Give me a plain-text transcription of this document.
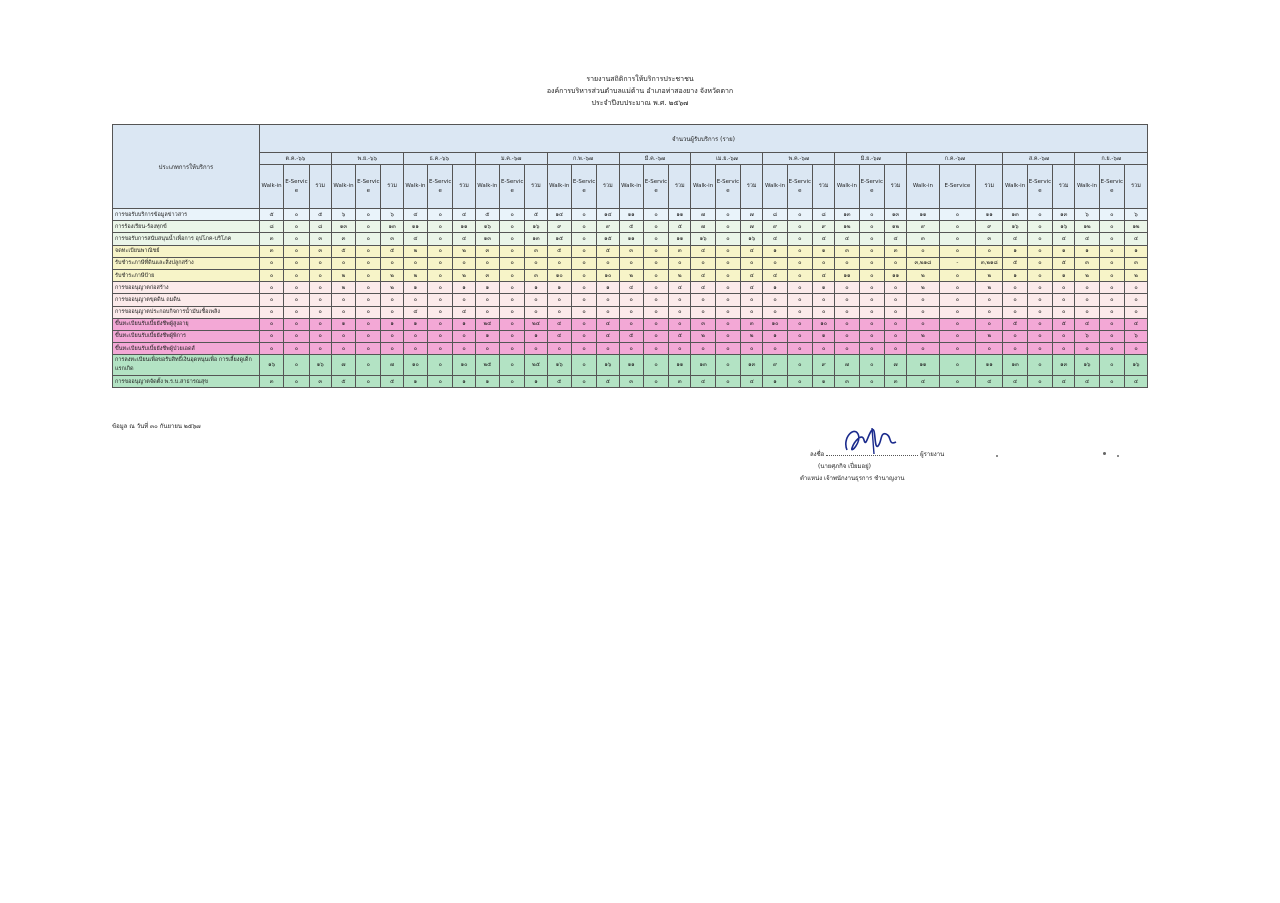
รายงานสถิติการให้บริการประชาชน
องค์การบริหารส่วนตำบลแม่ต้าน อำเภอท่าสองยาง จังหวัดตาก
ประจำปีงบประมาณ พ.ศ. ๒๕๖๗
ประเภทการให้บริการ	จำนวนผู้รับบริการ (ราย)																																			
	ต.ค.-๖๖			พ.ย.-๖๖			ธ.ค.-๖๖			ม.ค.-๖๗			ก.พ.-๖๗			มี.ค.-๖๗			เม.ย.-๖๗			พ.ค.-๖๗			มิ.ย.-๖๗			ก.ค.-๖๗			ส.ค.-๖๗			ก.ย.-๖๗		
	Walk-in	E-Servic e	รวม	Walk-in	E-Servic e	รวม	Walk-in	E-Servic e	รวม	Walk-in	E-Servic e	รวม	Walk-in	E-Servic e	รวม	Walk-in	E-Servic e	รวม	Walk-in	E-Servic e	รวม	Walk-in	E-Servic e	รวม	Walk-in	E-Servic e	รวม	Walk-in	E-Service	รวม	Walk-in	E-Servic e	รวม	Walk-in	E-Servic e	รวม
การขอรับบริการข้อมูลข่าวสาร	๕	๐	๕	๖	๐	๖	๔	๐	๔	๕	๐	๕	๑๔	๐	๑๔	๑๑	๐	๑๑	๗	๐	๗	๘	๐	๘	๑๓	๐	๑๓	๑๑	๐	๑๑	๑๓	๐	๑๓	๖	๐	๖
การร้องเรียน-ร้องทุกข์	๘	๐	๘	๑๓	๐	๑๓	๑๑	๐	๑๑	๑๖	๐	๑๖	๙	๐	๙	๕	๐	๕	๗	๐	๗	๙	๐	๙	๑๒	๐	๑๒	๙	๐	๙	๑๖	๐	๑๖	๑๒	๐	๑๒
การขอรับการสนับสนุนน้ำเพื่อการ อุปโภค-บริโภค	๓	๐	๓	๓	๐	๓	๔	๐	๔	๑๓	๐	๑๓	๑๕	๐	๑๕	๑๑	๐	๑๑	๑๖	๐	๑๖	๔	๐	๔	๔	๐	๔	๓	๐	๓	๔	๐	๔	๔	๐	๔
จดทะเบียนพาณิชย์	๓	๐	๓	๕	๐	๕	๒	๐	๒	๓	๐	๓	๕	๐	๕	๓	๐	๓	๔	๐	๔	๑	๐	๑	๓	๐	๓	๐	๐	๐	๑	๐	๑	๑	๐	๑
รับชำระภาษีที่ดินและสิ่งปลูกสร้าง	๐	๐	๐	๐	๐	๐	๐	๐	๐	๐	๐	๐	๐	๐	๐	๐	๐	๐	๐	๐	๐	๐	๐	๐	๐	๐	๐	๓,๒๑๘	-	๓,๒๑๘	๕	๐	๕	๓	๐	๓
รับชำระภาษีป้าย	๐	๐	๐	๒	๐	๒	๒	๐	๒	๓	๐	๓	๑๐	๐	๑๐	๒	๐	๒	๔	๐	๔	๔	๐	๔	๑๑	๐	๑๑	๒	๐	๒	๑	๐	๑	๒	๐	๒
การขออนุญาตก่อสร้าง	๐	๐	๐	๒	๐	๒	๑	๐	๑	๑	๐	๑	๑	๐	๑	๔	๐	๔	๔	๐	๔	๑	๐	๑	๐	๐	๐	๒	๐	๒	๐	๐	๐	๐	๐	๐
การขออนุญาตขุดดิน ถมดิน	๐	๐	๐	๐	๐	๐	๐	๐	๐	๐	๐	๐	๐	๐	๐	๐	๐	๐	๐	๐	๐	๐	๐	๐	๐	๐	๐	๐	๐	๐	๐	๐	๐	๐	๐	๐
การขออนุญาตประกอบกิจการน้ำมันเชื้อเพลิง	๐	๐	๐	๐	๐	๐	๔	๐	๔	๐	๐	๐	๐	๐	๐	๐	๐	๐	๐	๐	๐	๐	๐	๐	๐	๐	๐	๐	๐	๐	๐	๐	๐	๐	๐	๐
ขึ้นทะเบียนรับเบี้ยยังชีพผู้สูงอายุ	๐	๐	๐	๑	๐	๑	๑	๐	๑	๒๔	๐	๒๔	๔	๐	๔	๐	๐	๐	๓	๐	๓	๑๐	๐	๑๐	๐	๐	๐	๐	๐	๐	๕	๐	๕	๔	๐	๔
ขึ้นทะเบียนรับเบี้ยยังชีพผู้พิการ	๐	๐	๐	๐	๐	๐	๐	๐	๐	๑	๐	๑	๔	๐	๔	๕	๐	๕	๒	๐	๒	๑	๐	๑	๐	๐	๐	๒	๐	๒	๐	๐	๐	๖	๐	๖
ขึ้นทะเบียนรับเบี้ยยังชีพผู้ป่วยเอดส์	๐	๐	๐	๐	๐	๐	๐	๐	๐	๐	๐	๐	๐	๐	๐	๐	๐	๐	๐	๐	๐	๐	๐	๐	๐	๐	๐	๐	๐	๐	๐	๐	๐	๐	๐	๐
การลงทะเบียนเพื่อขอรับสิทธิ์เงินอุดหนุนเพื่อ การเลี้ยงดูเด็กแรกเกิด	๑๖	๐	๑๖	๗	๐	๗	๑๐	๐	๑๐	๒๕	๐	๒๕	๑๖	๐	๑๖	๑๑	๐	๑๑	๑๓	๐	๑๓	๙	๐	๙	๗	๐	๗	๑๑	๐	๑๑	๑๓	๐	๑๓	๑๖	๐	๑๖
การขออนุญาตจัดตั้ง พ.ร.บ.สาธารณสุข	๓	๐	๓	๕	๐	๕	๑	๐	๑	๑	๐	๑	๕	๐	๕	๓	๐	๓	๔	๐	๔	๑	๐	๑	๓	๐	๓	๔	๐	๔	๔	๐	๔	๔	๐	๔
ข้อมูล ณ วันที่ ๓๐ กันยายน ๒๕๖๗
ลงชื่อ	ผู้รายงาน
(นายศุภกิจ เปี่ยมอยู่)
ตำแหน่ง เจ้าพนักงานธุรการ ชำนาญงาน
